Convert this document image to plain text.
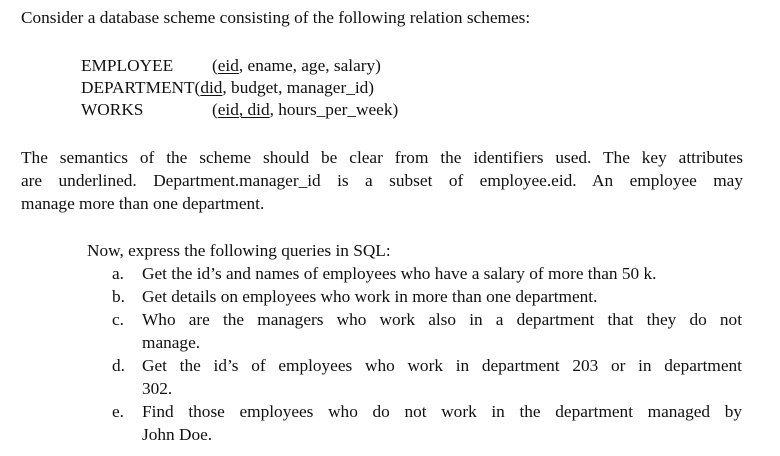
Consider a database scheme consisting of the following relation schemes:
EMPLOYEE (eid, ename, age, salary)
DEPARTMENT(did, budget, manager_id)
WORKS	(eid, did, hours_per_week)
The semantics of the scheme should be clear from the identifiers used. The key attributes
are underlined. Department.manager_id is a subset of employee.eid. An employee may
manage more than one department.
Now, express the following queries in SQL:
a. Get the id’s and names of employees who have a salary of more than 50 k.
b. Get details on employees who work in more than one department.
c. Who are the managers who work also in a department that they do not
manage.
d. Get the id’s of employees who work in department 203 or in department
302.
e. Find those employees who do not work in the department managed by
John Doe.
